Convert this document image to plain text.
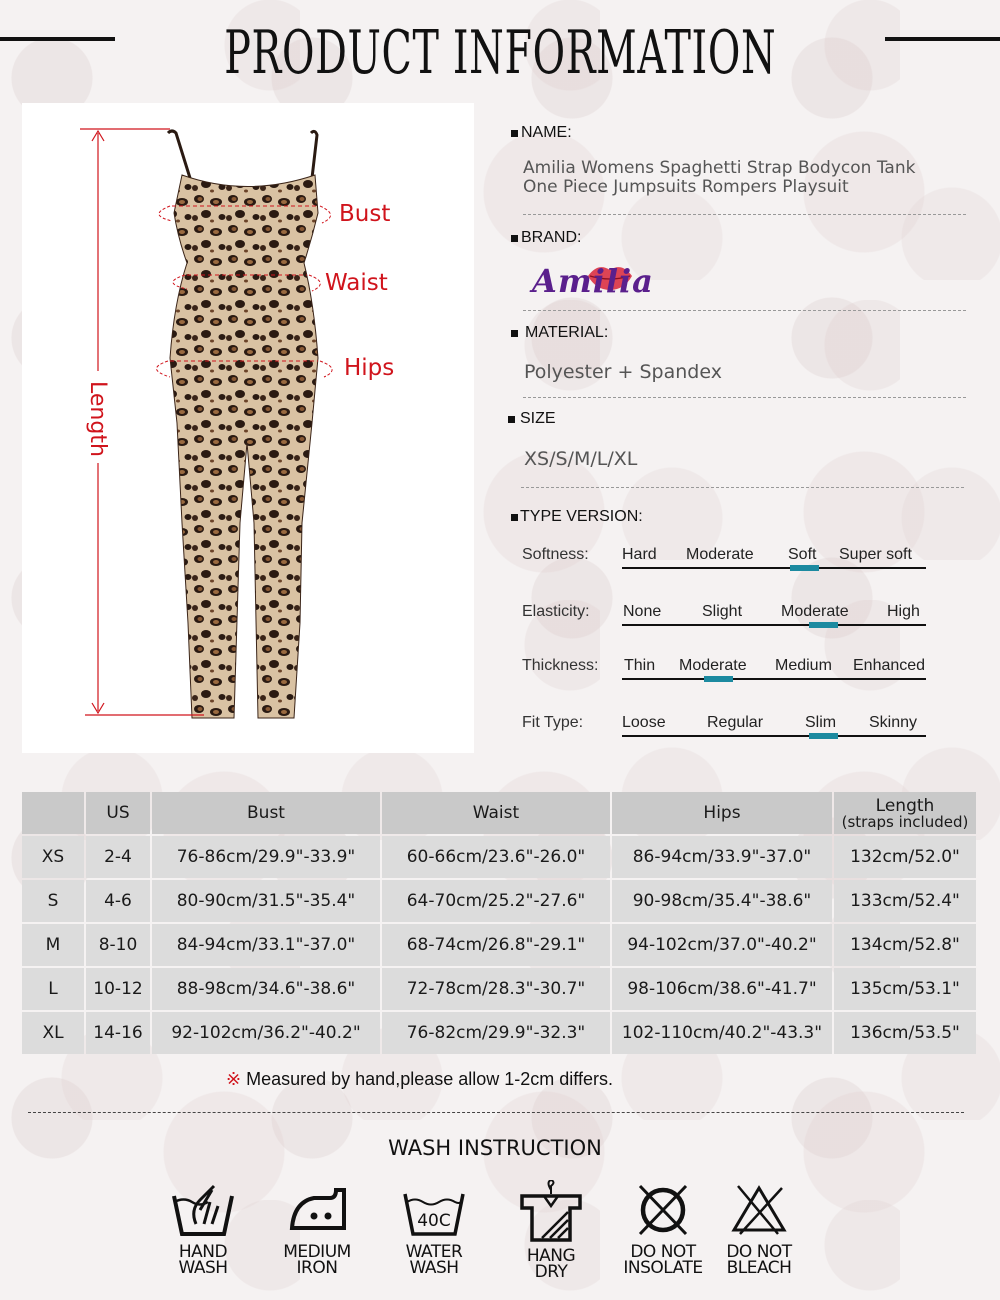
PRODUCT INFORMATION
Bust
Waist
Hips
Length
NAME:
Amilia Womens Spaghetti Strap Bodycon Tank
One Piece Jumpsuits Rompers Playsuit
BRAND:
Amilia
MATERIAL:
Polyester + Spandex
SIZE
XS/S/M/L/XL
TYPE VERSION:
Softness: Hard Moderate Soft Super soft
Elasticity: None	Slight Moderate High
Thickness: Thin Moderate Medium Enhanced
Fit Type: Loose	Regular	Slim Skinny
	US	Bust	Waist	Hips	Length
(straps included)

XS	2-4	76-86cm/29.9"-33.9"	60-66cm/23.6"-26.0"	86-94cm/33.9"-37.0"	132cm/52.0"
S	4-6	80-90cm/31.5"-35.4"	64-70cm/25.2"-27.6"	90-98cm/35.4"-38.6"	133cm/52.4"
M	8-10	84-94cm/33.1"-37.0"	68-74cm/26.8"-29.1"	94-102cm/37.0"-40.2"	134cm/52.8"
L	10-12	88-98cm/34.6"-38.6"	72-78cm/28.3"-30.7"	98-106cm/38.6"-41.7"	135cm/53.1"
XL	14-16	92-102cm/36.2"-40.2"	76-82cm/29.9"-32.3"	102-110cm/40.2"-43.3"	136cm/53.5"
※ Measured by hand,please allow 1-2cm differs.
WASH INSTRUCTION
HAND
WASH
MEDIUM
IRON
40C
WATER
WASH
HANG
DRY
DO NOT
INSOLATE
DO NOT
BLEACH
